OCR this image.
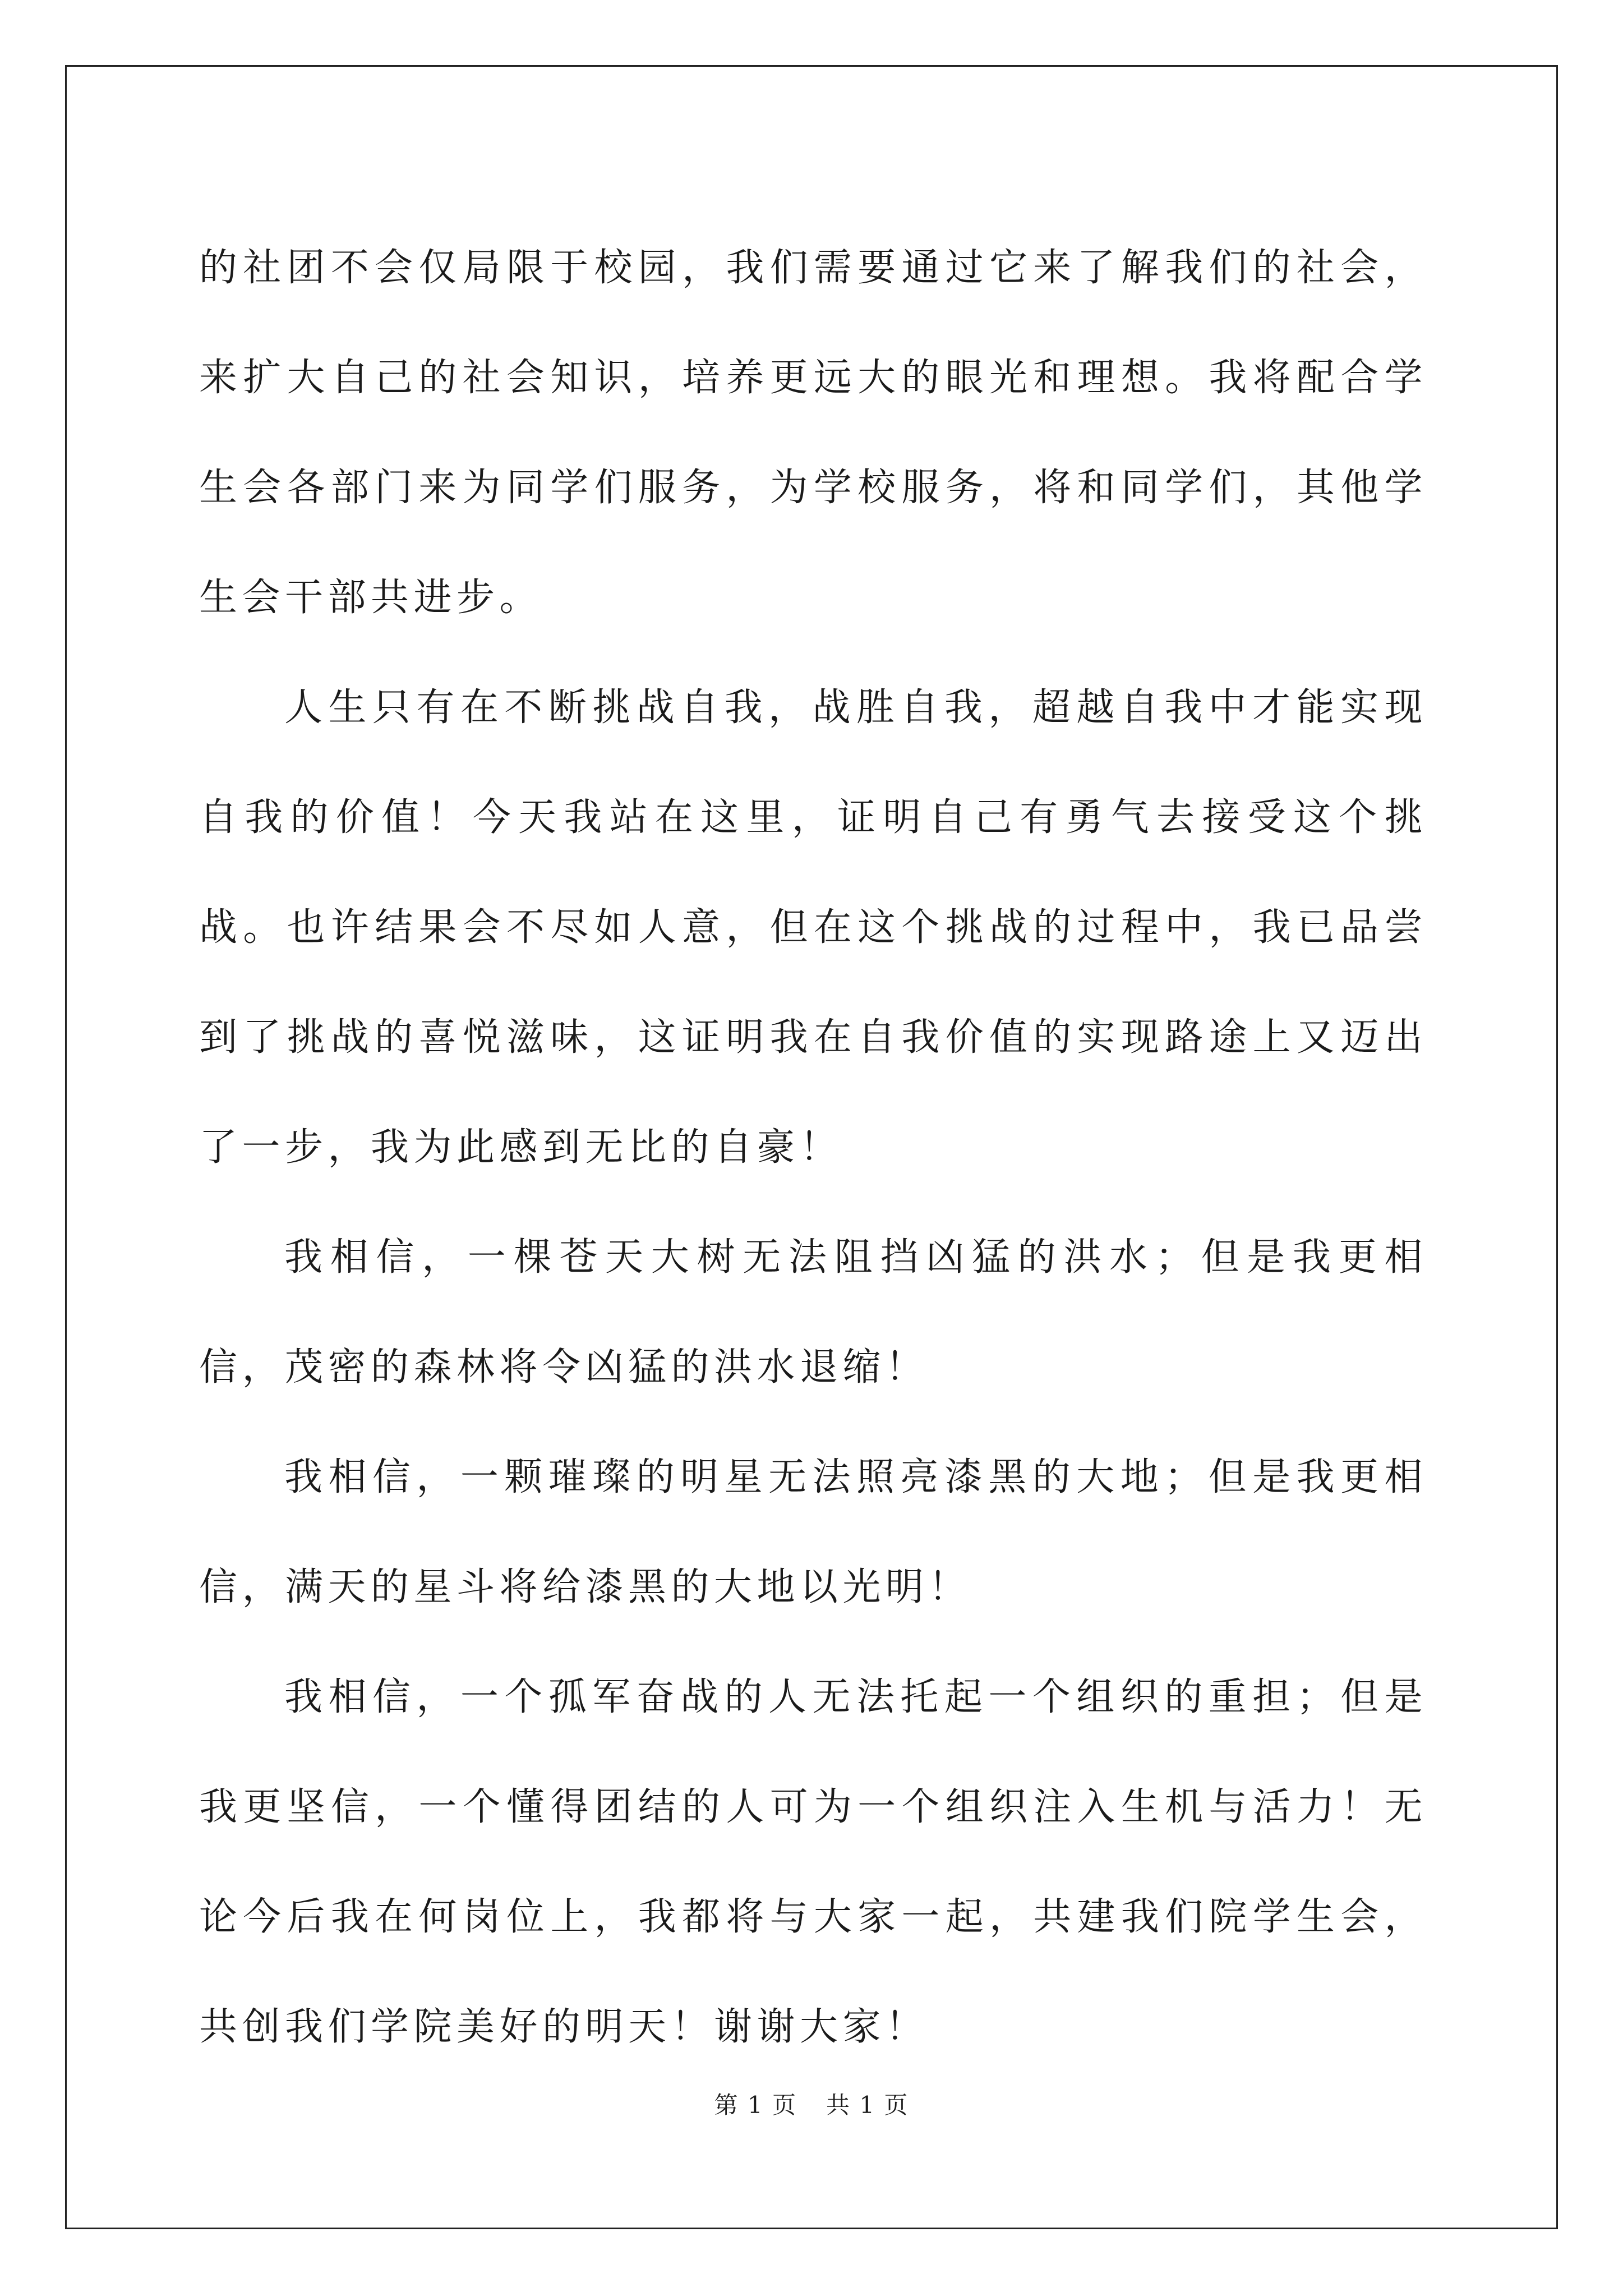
的社团不会仅局限于校园，我们需要通过它来了解我们的社会，来扩大自己的社会知识，培养更远大的眼光和理想。我将配合学生会各部门来为同学们服务，为学校服务，将和同学们，其他学生会干部共进步。

人生只有在不断挑战自我，战胜自我，超越自我中才能实现自我的价值！今天我站在这里，证明自己有勇气去接受这个挑战。也许结果会不尽如人意，但在这个挑战的过程中，我已品尝到了挑战的喜悦滋味，这证明我在自我价值的实现路途上又迈出了一步，我为此感到无比的自豪！

我相信，一棵苍天大树无法阻挡凶猛的洪水；但是我更相信，茂密的森林将令凶猛的洪水退缩！

我相信，一颗璀璨的明星无法照亮漆黑的大地；但是我更相信，满天的星斗将给漆黑的大地以光明！

我相信，一个孤军奋战的人无法托起一个组织的重担；但是我更坚信，一个懂得团结的人可为一个组织注入生机与活力！无论今后我在何岗位上，我都将与大家一起，共建我们院学生会，共创我们学院美好的明天！谢谢大家！

第 1 页 共 1 页
